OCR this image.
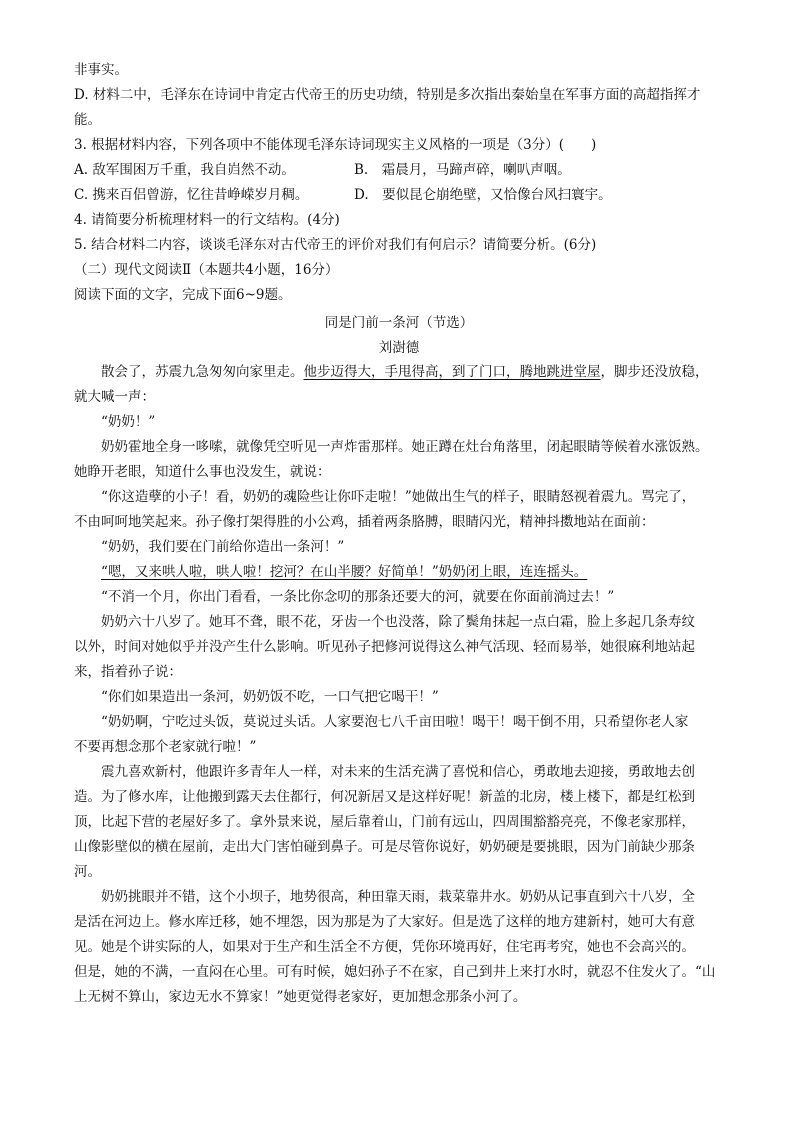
非事实。
D. 材料二中，毛泽东在诗词中肯定古代帝王的历史功绩，特别是多次指出秦始皇在军事方面的高超指挥才
能。
3. 根据材料内容，下列各项中不能体现毛泽东诗词现实主义风格的一项是（3分）(　　)
A. 敌军围困万千重，我自岿然不动。	B.　霜晨月，马蹄声碎，喇叭声咽。
C. 携来百侣曾游，忆往昔峥嵘岁月稠。	D.　要似昆仑崩绝壁，又恰像台风扫寰宇。
4. 请简要分析梳理材料一的行文结构。(4分)
5. 结合材料二内容，谈谈毛泽东对古代帝王的评价对我们有何启示？请简要分析。(6分)
（二）现代文阅读Ⅱ（本题共4小题，16分）
阅读下面的文字，完成下面6~9题。
同是门前一条河（节选）
刘澍德
散会了，苏震九急匆匆向家里走。他步迈得大，手甩得高，到了门口，腾地跳进堂屋，脚步还没放稳，
就大喊一声：
“奶奶！”
奶奶霍地全身一哆嗦，就像凭空听见一声炸雷那样。她正蹲在灶台角落里，闭起眼睛等候着水涨饭熟。
她睁开老眼，知道什么事也没发生，就说：
“你这造孽的小子！看，奶奶的魂险些让你吓走啦！”她做出生气的样子，眼睛怒视着震九。骂完了，
不由呵呵地笑起来。孙子像打架得胜的小公鸡，插着两条胳膊，眼睛闪光，精神抖擞地站在面前：
“奶奶，我们要在门前给你造出一条河！”
“嗯，又来哄人啦，哄人啦！挖河？在山半腰？好简单！”奶奶闭上眼，连连摇头。
“不消一个月，你出门看看，一条比你念叨的那条还要大的河，就要在你面前淌过去！”
奶奶六十八岁了。她耳不聋，眼不花，牙齿一个也没落，除了鬓角抹起一点白霜，脸上多起几条寿纹
以外，时间对她似乎并没产生什么影响。听见孙子把修河说得这么神气活现、轻而易举，她很麻利地站起
来，指着孙子说：
“你们如果造出一条河，奶奶饭不吃，一口气把它喝干！”
“奶奶啊，宁吃过头饭，莫说过头话。人家要泡七八千亩田啦！喝干！喝干倒不用，只希望你老人家
不要再想念那个老家就行啦！”
震九喜欢新村，他跟许多青年人一样，对未来的生活充满了喜悦和信心，勇敢地去迎接，勇敢地去创
造。为了修水库，让他搬到露天去住都行，何况新居又是这样好呢！新盖的北房，楼上楼下，都是红松到
顶，比起下营的老屋好多了。拿外景来说，屋后靠着山，门前有远山，四周围豁豁亮亮，不像老家那样，
山像影壁似的横在屋前，走出大门害怕碰到鼻子。可是尽管你说好，奶奶硬是要挑眼，因为门前缺少那条
河。
奶奶挑眼并不错，这个小坝子，地势很高，种田靠天雨，栽菜靠井水。奶奶从记事直到六十八岁，全
是活在河边上。修水库迁移，她不埋怨，因为那是为了大家好。但是选了这样的地方建新村，她可大有意
见。她是个讲实际的人，如果对于生产和生活全不方便，凭你环境再好，住宅再考究，她也不会高兴的。
但是，她的不满，一直闷在心里。可有时候，媳妇孙子不在家，自己到井上来打水时，就忍不住发火了。“山
上无树不算山，家边无水不算家！”她更觉得老家好，更加想念那条小河了。
